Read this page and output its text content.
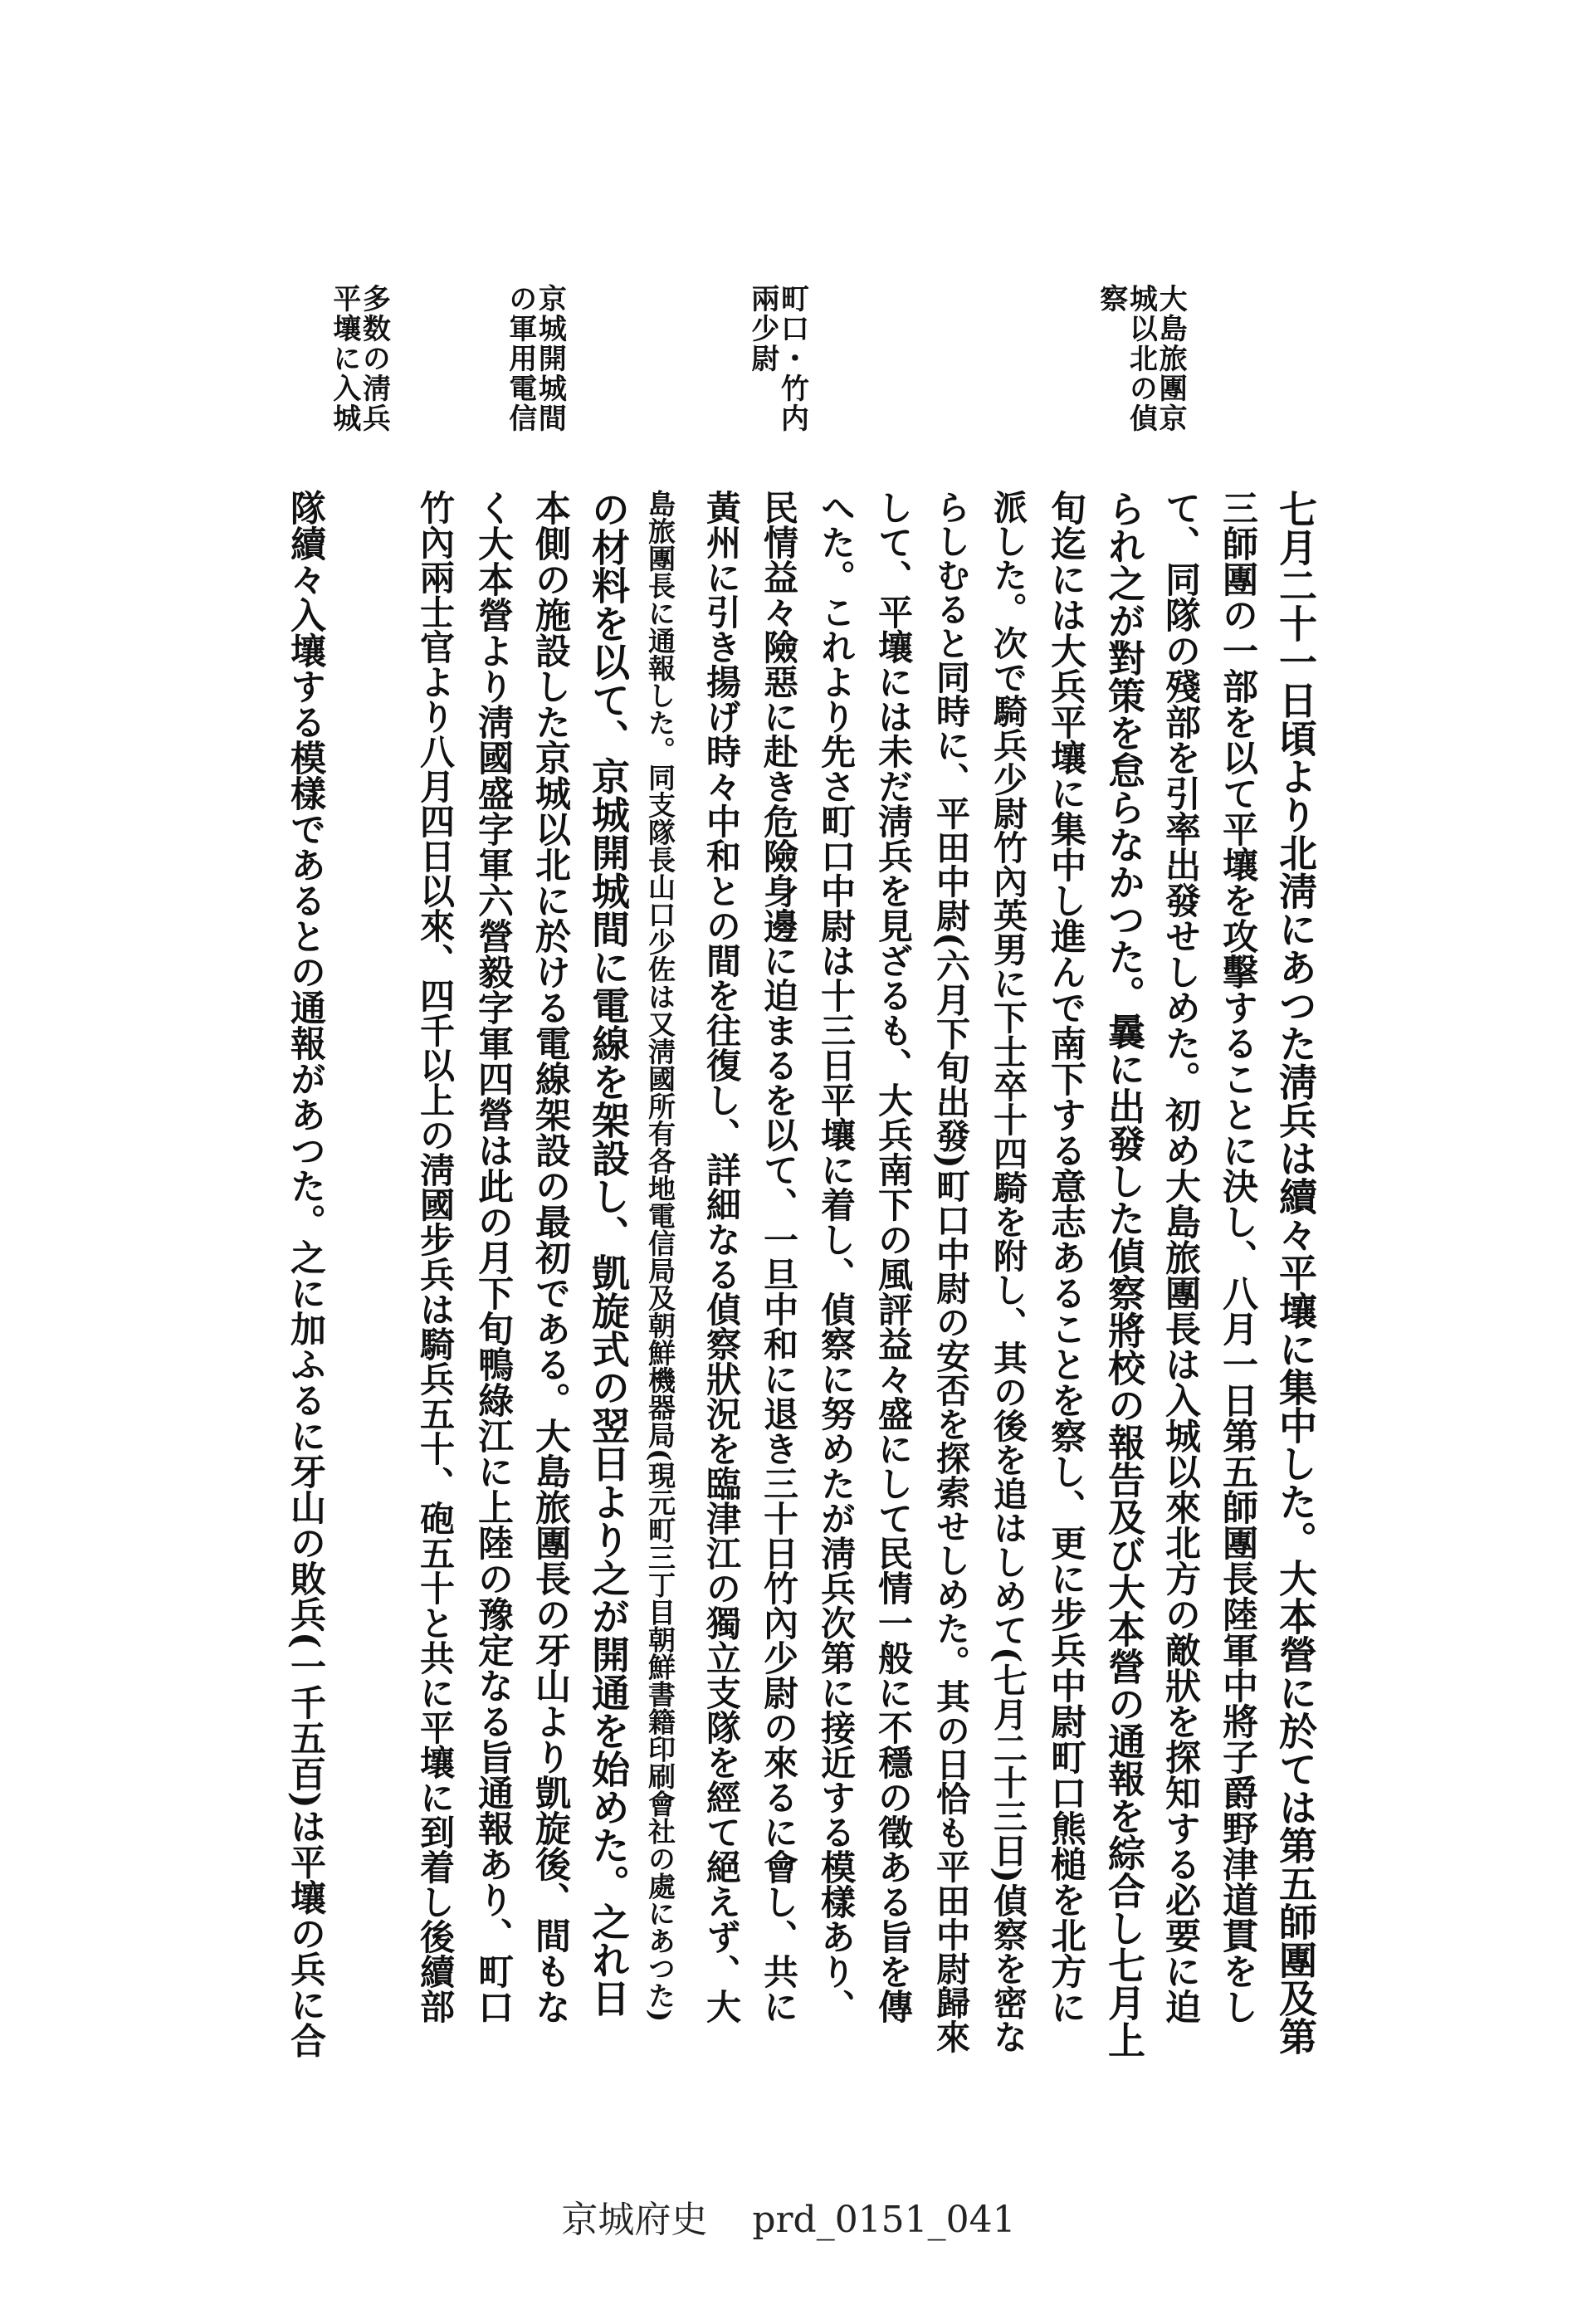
大島旅團京城以北の偵察
町口・竹内兩少尉
京城開城間の軍用電信
多数の淸兵平壤に入城
七月二十一日頃より北淸にあつた淸兵は續々平壤に集中した。大本營に於ては第五師團及第
三師團の一部を以て平壤を攻擊することに決し、八月一日第五師團長陸軍中將子爵野津道貫をし
て、同隊の殘部を引率出發せしめた。初め大島旅團長は入城以來北方の敵狀を探知する必要に迫
られ之が對策を怠らなかつた。曩に出發した偵察將校の報告及び大本營の通報を綜合し七月上
旬迄には大兵平壤に集中し進んで南下する意志あることを察し、更に步兵中尉町口熊槌を北方に
派した。次で騎兵少尉竹內英男に下士卒十四騎を附し、其の後を追はしめて(七月二十三日)偵察を密な
らしむると同時に、平田中尉(六月下旬出發)町口中尉の安否を探索せしめた。其の日恰も平田中尉歸來
して、平壤には未だ淸兵を見ざるも、大兵南下の風評益々盛にして民情一般に不穩の徵ある旨を傳
へた。これより先さ町口中尉は十三日平壤に着し、偵察に努めたが淸兵次第に接近する模樣あり、
民情益々險惡に赴き危險身邊に迫まるを以て、一旦中和に退き三十日竹內少尉の來るに會し、共に
黃州に引き揚げ時々中和との間を往復し、詳細なる偵察狀況を臨津江の獨立支隊を經て絕えず、大
島旅團長に通報した。同支隊長山口少佐は又淸國所有各地電信局及朝鮮機器局(現元町三丁目朝鮮書籍印刷會社の處にあつた)
の材料を以て、京城開城間に電線を架設し、凱旋式の翌日より之が開通を始めた。之れ日
本側の施設した京城以北に於ける電線架設の最初である。大島旅團長の牙山より凱旋後、間もな
く大本營より淸國盛字軍六營毅字軍四營は此の月下旬鴨綠江に上陸の豫定なる旨通報あり、町口
竹內兩士官より八月四日以來、四千以上の淸國步兵は騎兵五十、砲五十と共に平壤に到着し後續部
隊續々入壤する模樣であるとの通報があつた。之に加ふるに牙山の敗兵(一千五百)は平壤の兵に合
京城府史 prd_0151_041
